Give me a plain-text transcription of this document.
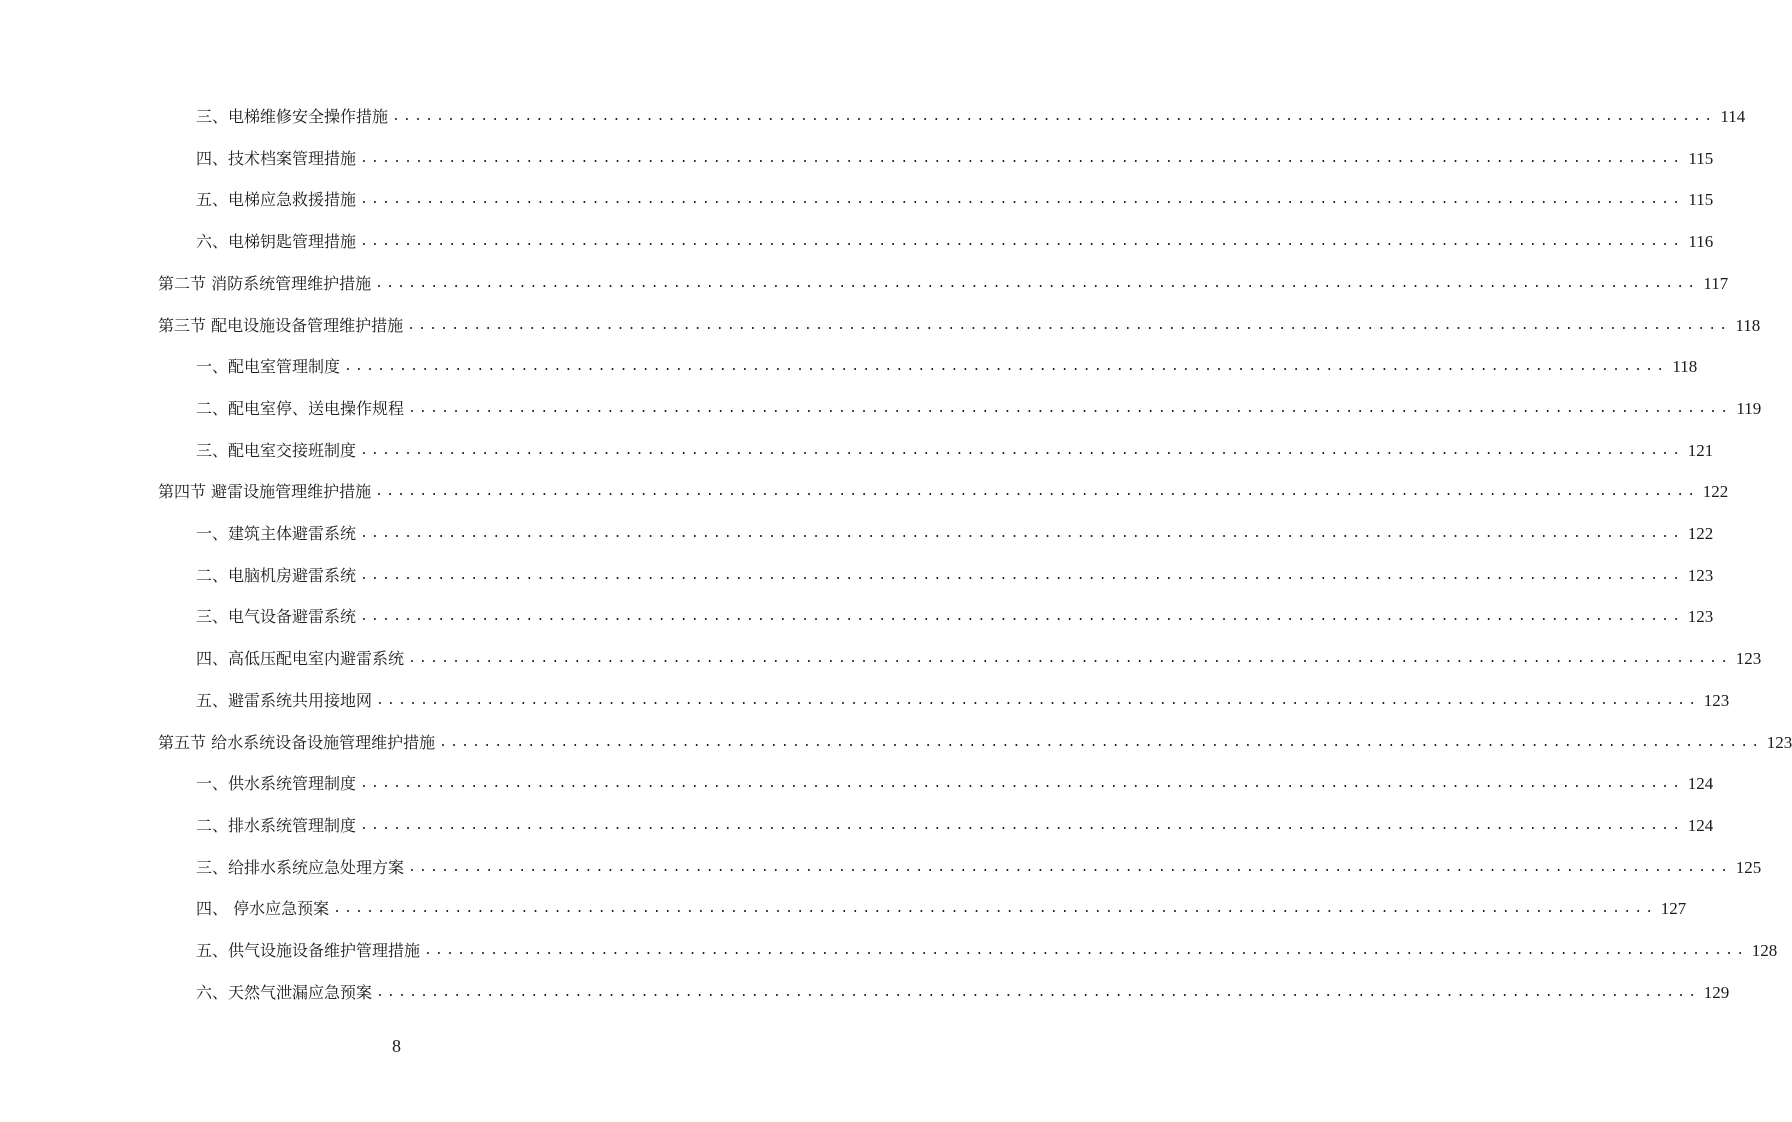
三、电梯维修安全操作措施 ........................................................................................................................ 114
四、技术档案管理措施 ........................................................................................................................ 115
五、电梯应急救援措施 ........................................................................................................................ 115
六、电梯钥匙管理措施 ........................................................................................................................ 116
第二节 消防系统管理维护措施 ........................................................................................................................ 117
第三节 配电设施设备管理维护措施 ........................................................................................................................ 118
一、配电室管理制度 ........................................................................................................................ 118
二、配电室停、送电操作规程 ........................................................................................................................ 119
三、配电室交接班制度 ........................................................................................................................ 121
第四节 避雷设施管理维护措施 ........................................................................................................................ 122
一、建筑主体避雷系统 ........................................................................................................................ 122
二、电脑机房避雷系统 ........................................................................................................................ 123
三、电气设备避雷系统 ........................................................................................................................ 123
四、高低压配电室内避雷系统 ........................................................................................................................ 123
五、避雷系统共用接地网 ........................................................................................................................ 123
第五节 给水系统设备设施管理维护措施 ........................................................................................................................ 123
一、供水系统管理制度 ........................................................................................................................ 124
二、排水系统管理制度 ........................................................................................................................ 124
三、给排水系统应急处理方案 ........................................................................................................................ 125
四、 停水应急预案 ........................................................................................................................ 127
五、供气设施设备维护管理措施 ........................................................................................................................ 128
六、天然气泄漏应急预案 ........................................................................................................................ 129
8
